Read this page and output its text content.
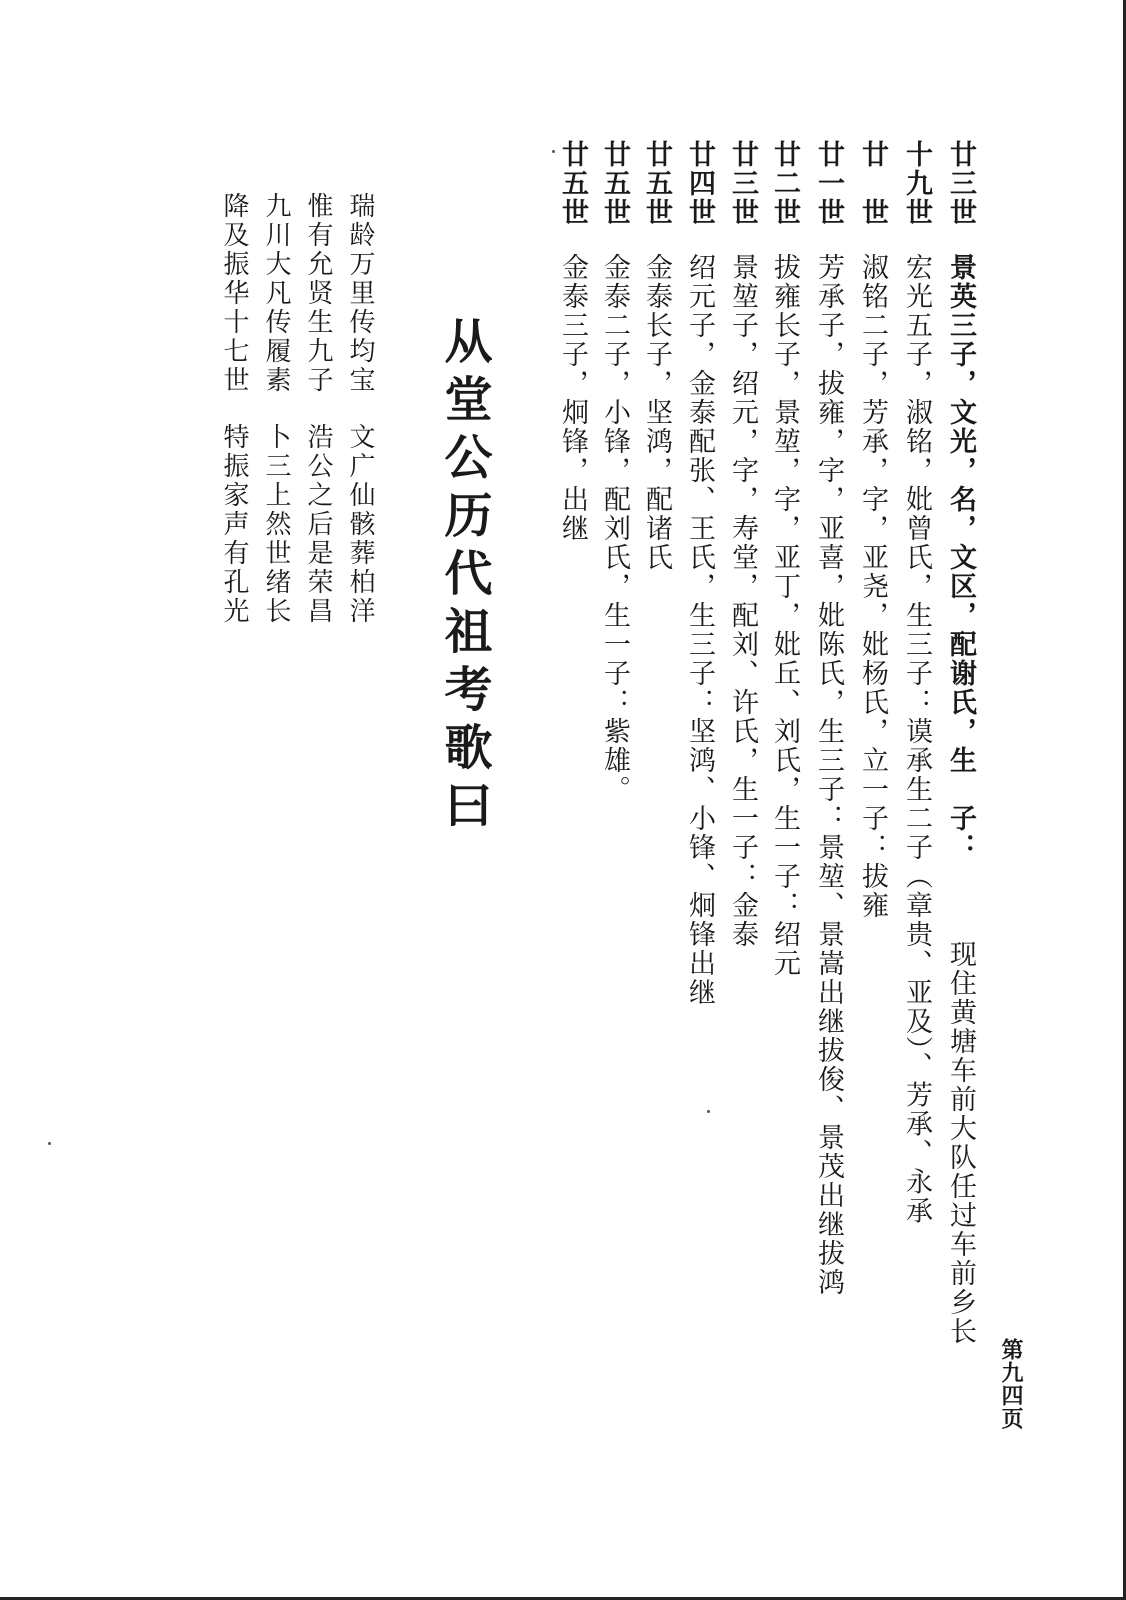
第九四页
廿三世景英三子，文光，名，文区，配谢氏，生　子：
现住黄塘车前大队任过车前乡长
十九世宏光五子，淑铭，妣曾氏，生三子：谟承生二子（章贵、亚及）、芳承、永承
廿　世淑铭二子，芳承，字，亚尧，妣杨氏，立一子：拔雍
廿一世芳承子，拔雍，字，亚喜，妣陈氏，生三子：景堃、景嵩出继拔俊、景茂出继拔鸿
廿二世拔雍长子，景堃，字，亚丁，妣丘、刘氏，生一子：绍元
廿三世景堃子，绍元，字，寿堂，配刘、许氏，生一子：金泰
廿四世绍元子，金泰配张、王氏，生三子：坚鸿、小锋、炯锋出继
廿五世金泰长子，坚鸿，配诸氏
廿五世金泰二子，小锋，配刘氏，生一子：紫雄。
廿五世金泰三子，炯锋，出继
从堂公历代祖考歌曰
瑞龄万里传均宝文广仙骸葬柏洋
惟有允贤生九子浩公之后是荣昌
九川大凡传履素卜三上然世绪长
降及振华十七世特振家声有孔光
